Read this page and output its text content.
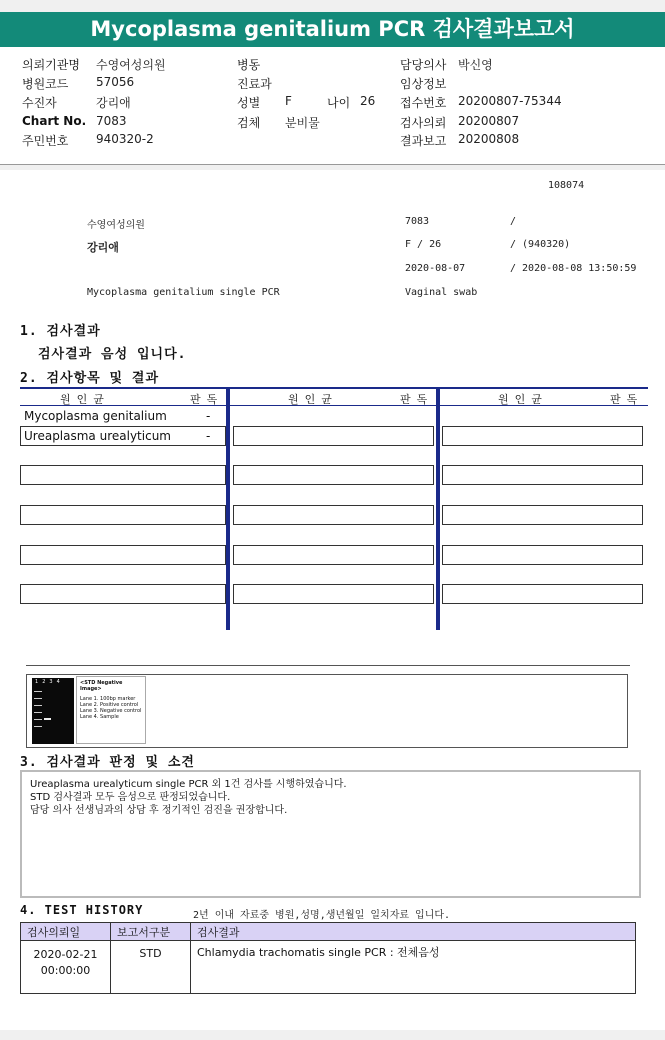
Mycoplasma genitalium PCR 검사결과보고서
의뢰기관명 수영여성의원
병원코드 57056
수진자	강리애
Chart No. 7083
주민번호 940320-2
병동
진료과
성별 F	나이 26
검체 분비물
담당의사 박신영
임상정보
접수번호 20200807-75344
검사의뢰 20200807
결과보고 20200808
108074
수영여성의원	7083	/
강리애	F / 26	/ (940320)
2020-08-07	/ 2020-08-08 13:50:59
Mycoplasma genitalium single PCR	Vaginal swab
1. 검사결과
검사결과 음성 입니다.
2. 검사항목 및 결과
원인균	판독	원인균	판독	원인균	판독
Mycoplasma genitalium	-
Ureaplasma urealyticum	-
1234	<STD Negative Image>
Lane 1. 100bp marker
Lane 2. Positive control
Lane 3. Negative control
Lane 4. Sample
3. 검사결과 판정 및 소견
Ureaplasma urealyticum single PCR 외 1건 검사를 시행하였습니다.
STD 검사결과 모두 음성으로 판정되었습니다.
담당 의사 선생님과의 상담 후 정기적인 검진을 권장합니다.
4. TEST HISTORY	2년 이내 자료중 병원,성명,생년월일 일치자료 입니다.
검사의뢰일	보고서구분	검사결과

2020-02-21
00:00:00	STD	Chlamydia trachomatis single PCR : 전체음성
